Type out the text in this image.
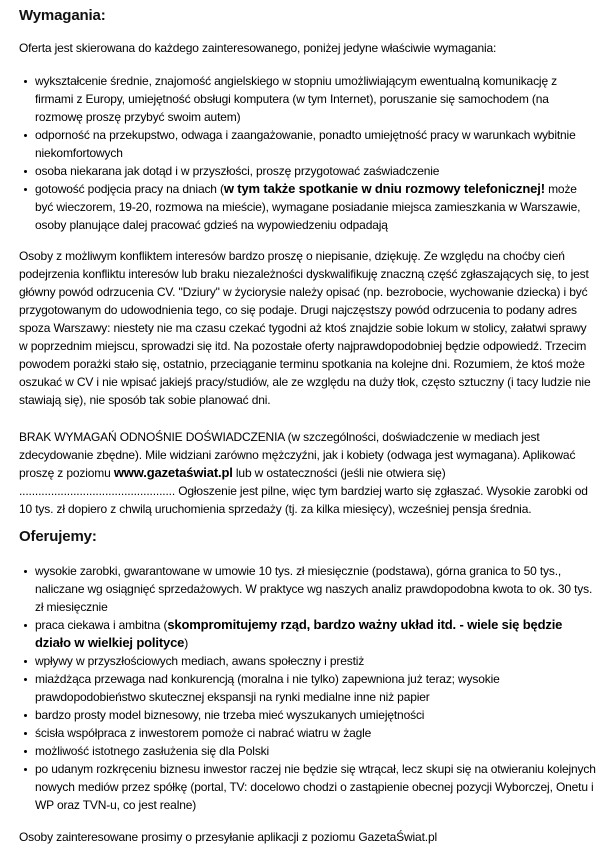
Wymagania:

Oferta jest skierowana do każdego zainteresowanego, poniżej jedyne właściwie wymagania:

wykształcenie średnie, znajomość angielskiego w stopniu umożliwiającym ewentualną komunikację z firmami z Europy, umiejętność obsługi komputera (w tym Internet), poruszanie się samochodem (na rozmowę proszę przybyć swoim autem)
odporność na przekupstwo, odwaga i zaangażowanie, ponadto umiejętność pracy w warunkach wybitnie niekomfortowych
osoba niekarana jak dotąd i w przyszłości, proszę przygotować zaświadczenie
gotowość podjęcia pracy na dniach (w tym także spotkanie w dniu rozmowy telefonicznej! może być wieczorem, 19-20, rozmowa na mieście), wymagane posiadanie miejsca zamieszkania w Warszawie, osoby planujące dalej pracować gdzieś na wypowiedzeniu odpadają

Osoby z możliwym konfliktem interesów bardzo proszę o niepisanie, dziękuję. Ze względu na choćby cień podejrzenia konfliktu interesów lub braku niezależności dyskwalifikuję znaczną część zgłaszających się, to jest główny powód odrzucenia CV. "Dziury" w życiorysie należy opisać (np. bezrobocie, wychowanie dziecka) i być przygotowanym do udowodnienia tego, co się podaje. Drugi najczęstszy powód odrzucenia to podany adres spoza Warszawy: niestety nie ma czasu czekać tygodni aż ktoś znajdzie sobie lokum w stolicy, załatwi sprawy w poprzednim miejscu, sprowadzi się itd. Na pozostałe oferty najprawdopodobniej będzie odpowiedź. Trzecim powodem porażki stało się, ostatnio, przeciąganie terminu spotkania na kolejne dni. Rozumiem, że ktoś może oszukać w CV i nie wpisać jakiejś pracy/studiów, ale ze względu na duży tłok, często sztuczny (i tacy ludzie nie stawiają się), nie sposób tak sobie planować dni.

BRAK WYMAGAŃ ODNOŚNIE DOŚWIADCZENIA (w szczególności, doświadczenie w mediach jest zdecydowanie zbędne). Mile widziani zarówno mężczyźni, jak i kobiety (odwaga jest wymagana). Aplikować proszę z poziomu www.gazetaświat.pl lub w ostateczności (jeśli nie otwiera się) ................................................. Ogłoszenie jest pilne, więc tym bardziej warto się zgłaszać. Wysokie zarobki od 10 tys. zł dopiero z chwilą uruchomienia sprzedaży (tj. za kilka miesięcy), wcześniej pensja średnia.

Oferujemy:
wysokie zarobki, gwarantowane w umowie 10 tys. zł miesięcznie (podstawa), górna granica to 50 tys., naliczane wg osiągnięć sprzedażowych. W praktyce wg naszych analiz prawdopodobna kwota to ok. 30 tys. zł miesięcznie
praca ciekawa i ambitna (skompromitujemy rząd, bardzo ważny układ itd. - wiele się będzie działo w wielkiej polityce)
wpływy w przyszłościowych mediach, awans społeczny i prestiż
miażdżąca przewaga nad konkurencją (moralna i nie tylko) zapewniona już teraz; wysokie prawdopodobieństwo skutecznej ekspansji na rynki medialne inne niż papier
bardzo prosty model biznesowy, nie trzeba mieć wyszukanych umiejętności
ścisła współpraca z inwestorem pomoże ci nabrać wiatru w żagle
możliwość istotnego zasłużenia się dla Polski
po udanym rozkręceniu biznesu inwestor raczej nie będzie się wtrącał, lecz skupi się na otwieraniu kolejnych nowych mediów przez spółkę (portal, TV: docelowo chodzi o zastąpienie obecnej pozycji Wyborczej, Onetu i WP oraz TVN-u, co jest realne)

Osoby zainteresowane prosimy o przesyłanie aplikacji z poziomu GazetaŚwiat.pl
